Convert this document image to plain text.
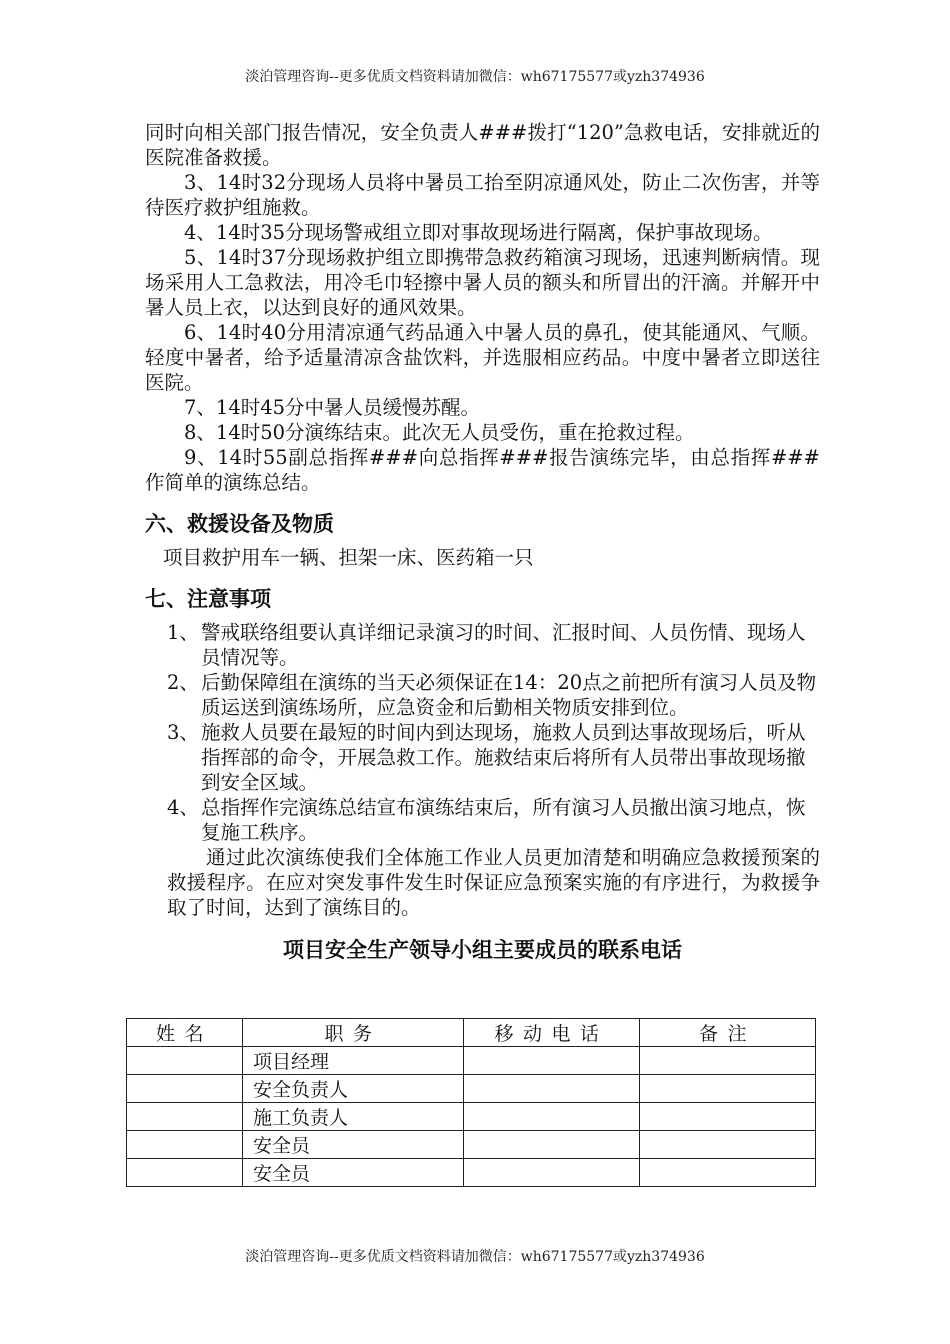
淡泊管理咨询--更多优质文档资料请加微信：wh67175577或yzh374936

同时向相关部门报告情况，安全负责人###拨打“120”急救电话，安排就近的医院准备救援。

3、14时32分现场人员将中暑员工抬至阴凉通风处，防止二次伤害，并等待医疗救护组施救。

4、14时35分现场警戒组立即对事故现场进行隔离，保护事故现场。

5、14时37分现场救护组立即携带急救药箱演习现场，迅速判断病情。现场采用人工急救法，用冷毛巾轻擦中暑人员的额头和所冒出的汗滴。并解开中暑人员上衣，以达到良好的通风效果。

6、14时40分用清凉通气药品通入中暑人员的鼻孔，使其能通风、气顺。轻度中暑者，给予适量清凉含盐饮料，并选服相应药品。中度中暑者立即送往医院。

7、14时45分中暑人员缓慢苏醒。

8、14时50分演练结束。此次无人员受伤，重在抢救过程。

9、14时55副总指挥###向总指挥###报告演练完毕，由总指挥###作简单的演练总结。

六、救援设备及物质

项目救护用车一辆、担架一床、医药箱一只

七、注意事项
1、 警戒联络组要认真详细记录演习的时间、汇报时间、人员伤情、现场人员情况等。
2、 后勤保障组在演练的当天必须保证在14：20点之前把所有演习人员及物质运送到演练场所，应急资金和后勤相关物质安排到位。
3、 施救人员要在最短的时间内到达现场，施救人员到达事故现场后，听从指挥部的命令，开展急救工作。施救结束后将所有人员带出事故现场撤到安全区域。
4、 总指挥作完演练总结宣布演练结束后，所有演习人员撤出演习地点，恢复施工秩序。

通过此次演练使我们全体施工作业人员更加清楚和明确应急救援预案的救援程序。在应对突发事件发生时保证应急预案实施的有序进行，为救援争取了时间，达到了演练目的。

项目安全生产领导小组主要成员的联系电话
姓名	职务	移动电话	备注
	项目经理		
	安全负责人		
	施工负责人		
	安全员		
	安全员		
淡泊管理咨询--更多优质文档资料请加微信：wh67175577或yzh374936
